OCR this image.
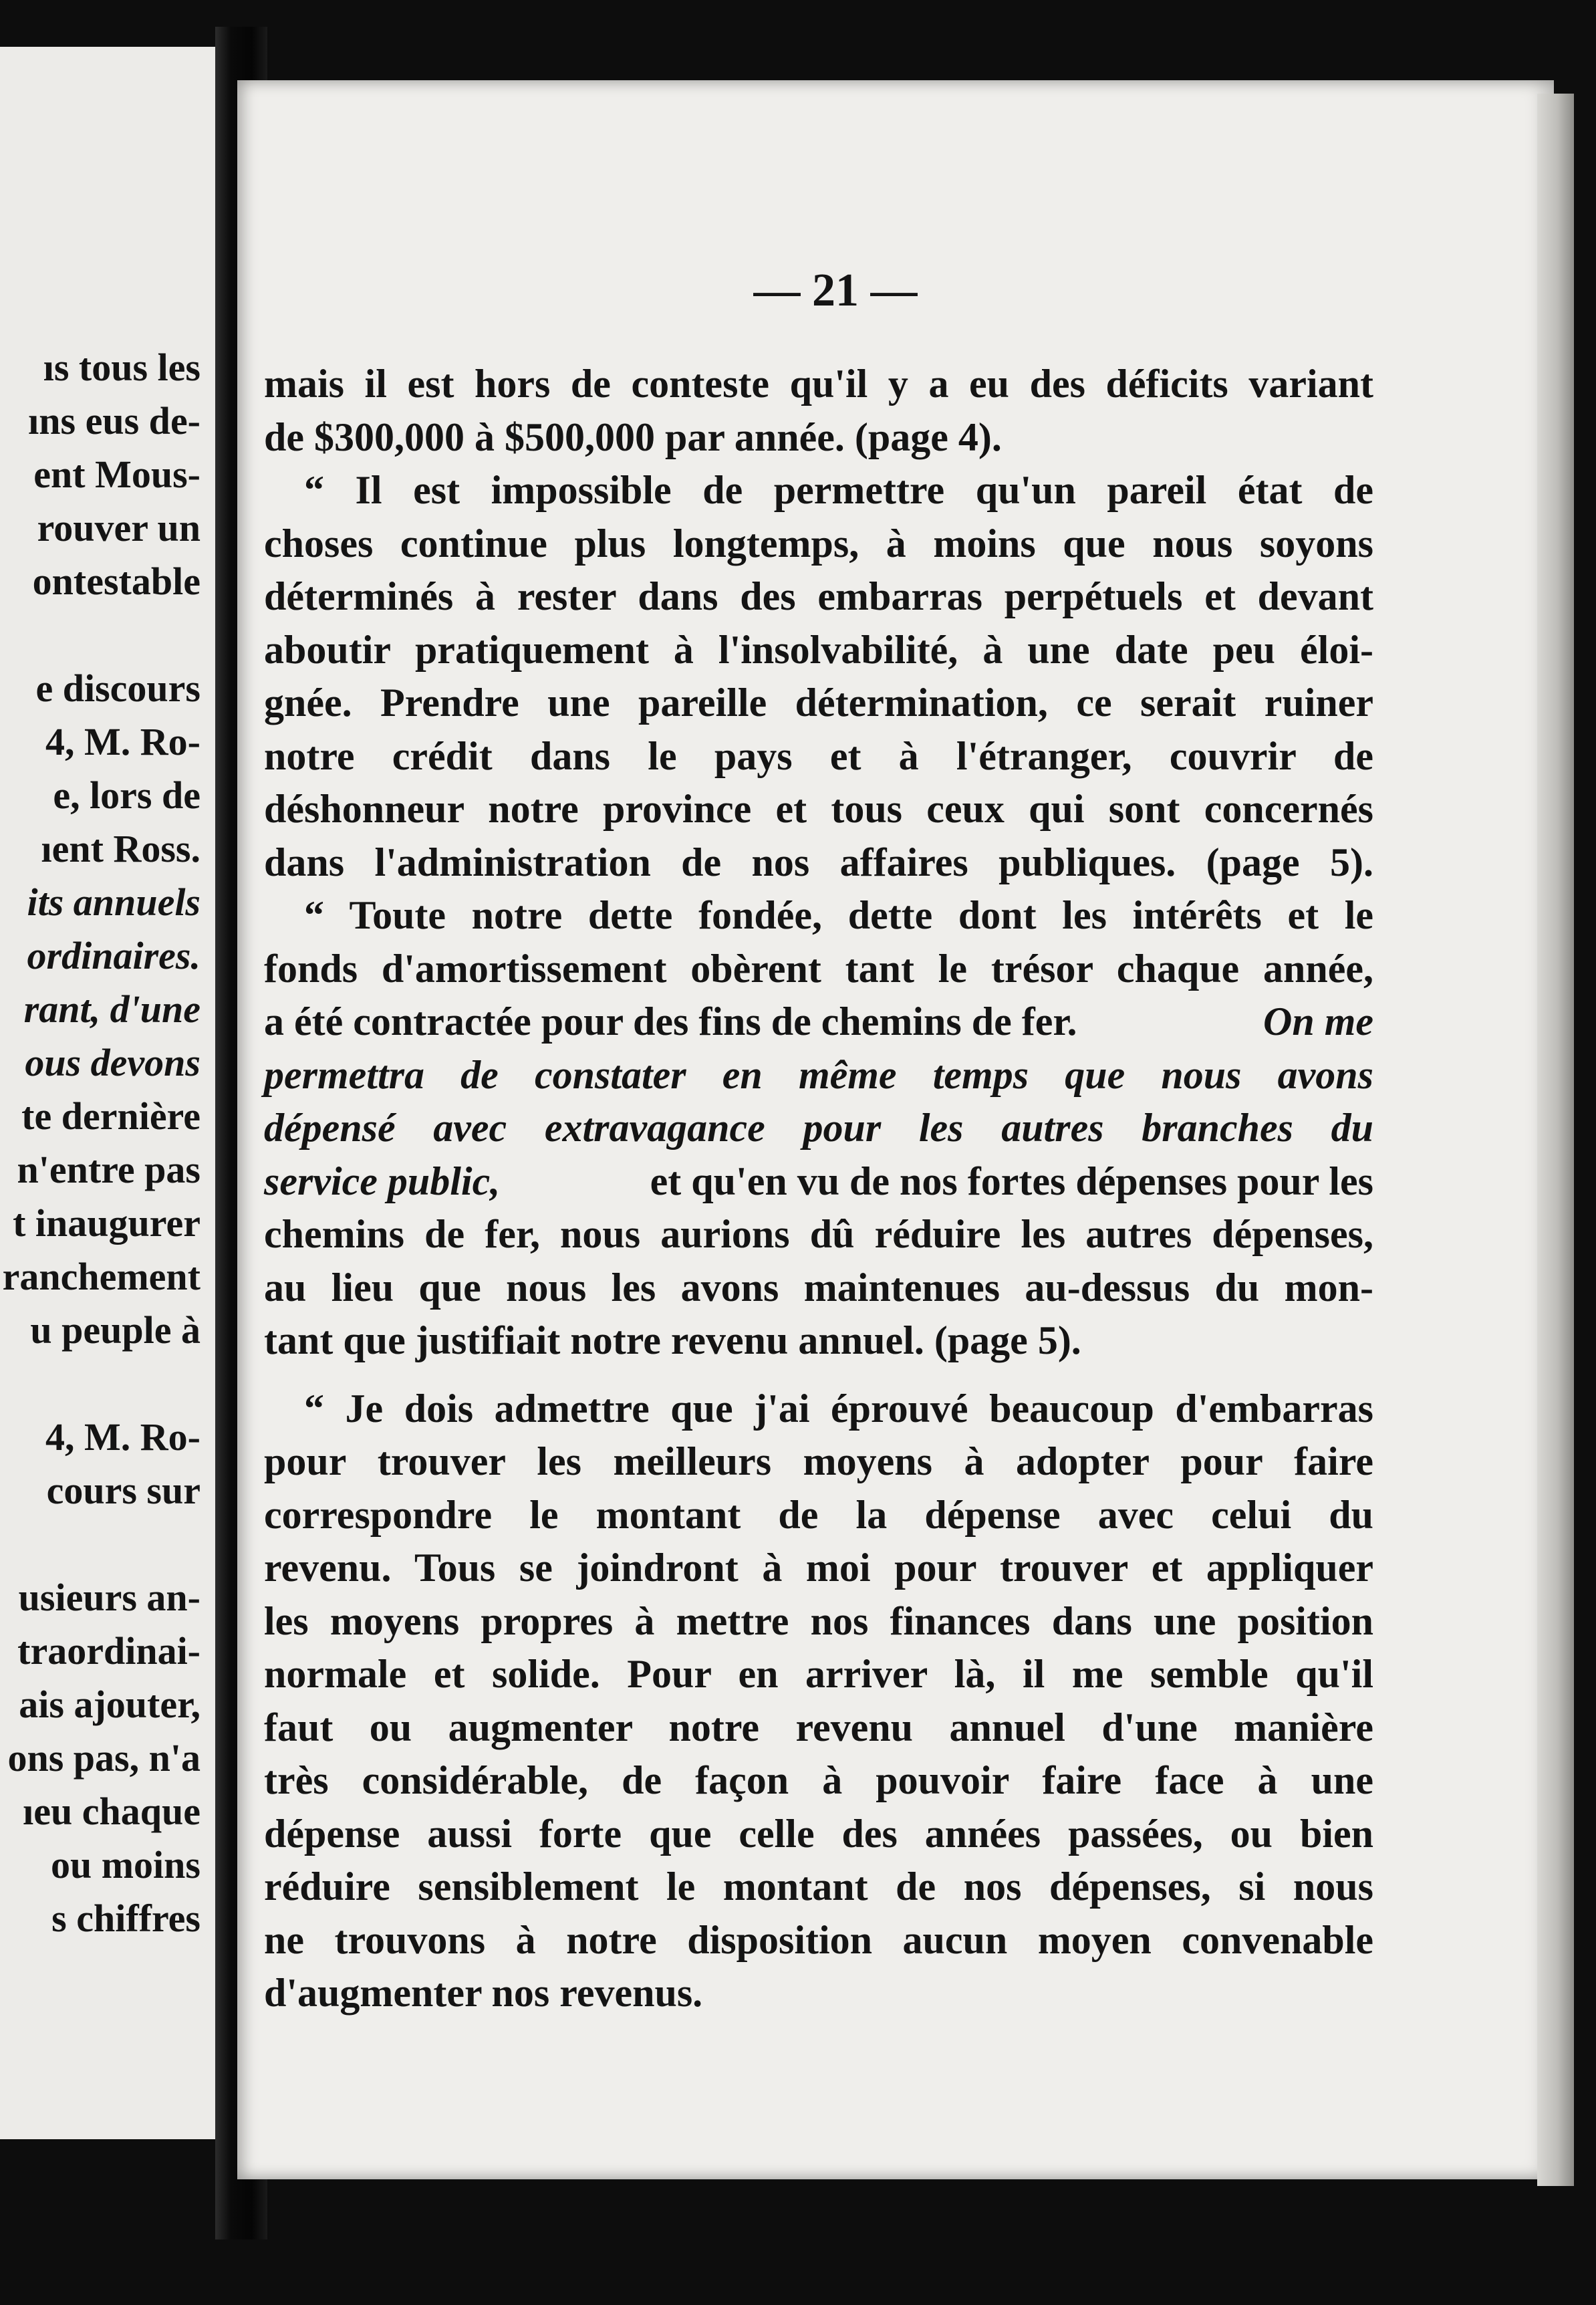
ıs tous les
ıns eus de-
ent Mous-
rouver un
ontestable

e discours
4, M. Ro-
e, lors de
ıent Ross.
its annuels
ordinaires.
rant, d'une
ous devons
te dernière
n'entre pas
t inaugurer
ranchement
u peuple à

4, M. Ro-
cours sur

usieurs an-
traordinai-
ais ajouter,
ons pas, n'a
ıeu chaque
ou moins
s chiffres
— 21 —
mais il est hors de conteste qu'il y a eu des déficits variant
de $300,000 à $500,000 par année. (page 4).
“ Il est impossible de permettre qu'un pareil état de
choses continue plus longtemps, à moins que nous soyons
déterminés à rester dans des embarras perpétuels et devant
aboutir pratiquement à l'insolvabilité, à une date peu éloi-
gnée. Prendre une pareille détermination, ce serait ruiner
notre crédit dans le pays et à l'étranger, couvrir de
déshonneur notre province et tous ceux qui sont concernés
dans l'administration de nos affaires publiques. (page 5).
“ Toute notre dette fondée, dette dont les intérêts et le
fonds d'amortissement obèrent tant le trésor chaque année,
a été contractée pour des fins de chemins de fer.	On me
permettra de constater en même temps que nous avons
dépensé avec extravagance pour les autres branches du
service public,	et qu'en vu de nos fortes dépenses pour les
chemins de fer, nous aurions dû réduire les autres dépenses,
au lieu que nous les avons maintenues au-dessus du mon-
tant que justifiait notre revenu annuel. (page 5).
“ Je dois admettre que j'ai éprouvé beaucoup d'embarras
pour trouver les meilleurs moyens à adopter pour faire
correspondre le montant de la dépense avec celui du
revenu. Tous se joindront à moi pour trouver et appliquer
les moyens propres à mettre nos finances dans une position
normale et solide. Pour en arriver là, il me semble qu'il
faut ou augmenter notre revenu annuel d'une manière
très considérable, de façon à pouvoir faire face à une
dépense aussi forte que celle des années passées, ou bien
réduire sensiblement le montant de nos dépenses, si nous
ne trouvons à notre disposition aucun moyen convenable
d'augmenter nos revenus.
